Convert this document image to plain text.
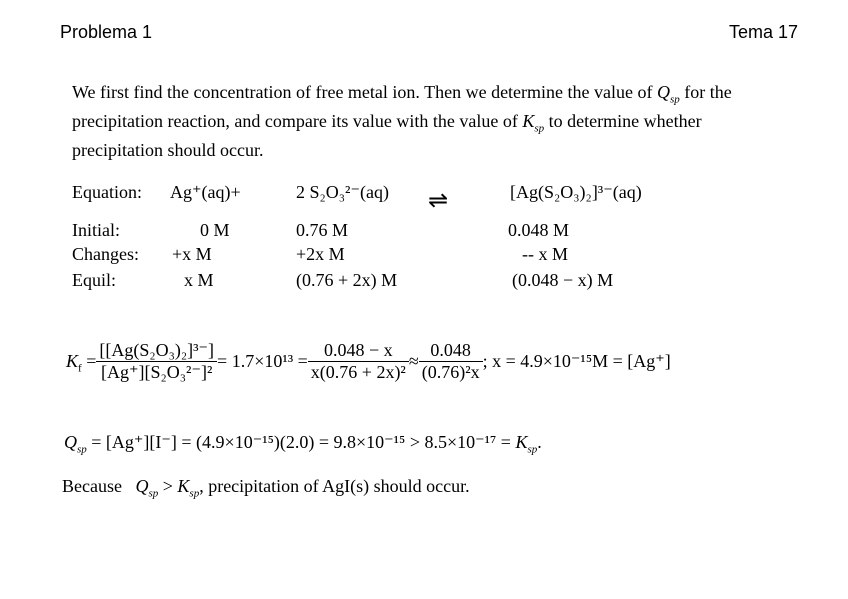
Problema 1	Tema 17
We first find the concentration of free metal ion. Then we determine the value of $Q_{sp}$ for the precipitation reaction, and compare its value with the value of $K_{sp}$ to determine whether precipitation should occur.
Equation:
Initial:
Changes:
Equil:
Ag⁺(aq)+
0 M
+x M
x M
2 S₂O₃²⁻(aq)
0.76 M
+2x M
(0.76 + 2x) M
⇌	[Ag(S₂O₃)₂]³⁻(aq)
0.048 M
-- x M
(0.048 − x) M
$K_f = \frac{\text{[[Ag(S₂O₃)₂]³⁻]}}{\text{[Ag⁺][S₂O₃²⁻]²}} = 1.7\times 10^{13} = \frac{0.048 - x}{\text{x(0.76 + 2x)²}} \approx \frac{0.048}{\text{(0.76)²x}}$ ; x = 4.9×10⁻¹⁵M = [Ag⁺]
$Q_{sp} = [Ag^+][I^-] = (4.9\times 10^{-15})(2.0) = 9.8\times 10^{-15} > 8.5\times 10^{-17} = K_{sp}$.
Because $Q_{sp} > K_{sp}$, precipitation of AgI(s) should occur.
